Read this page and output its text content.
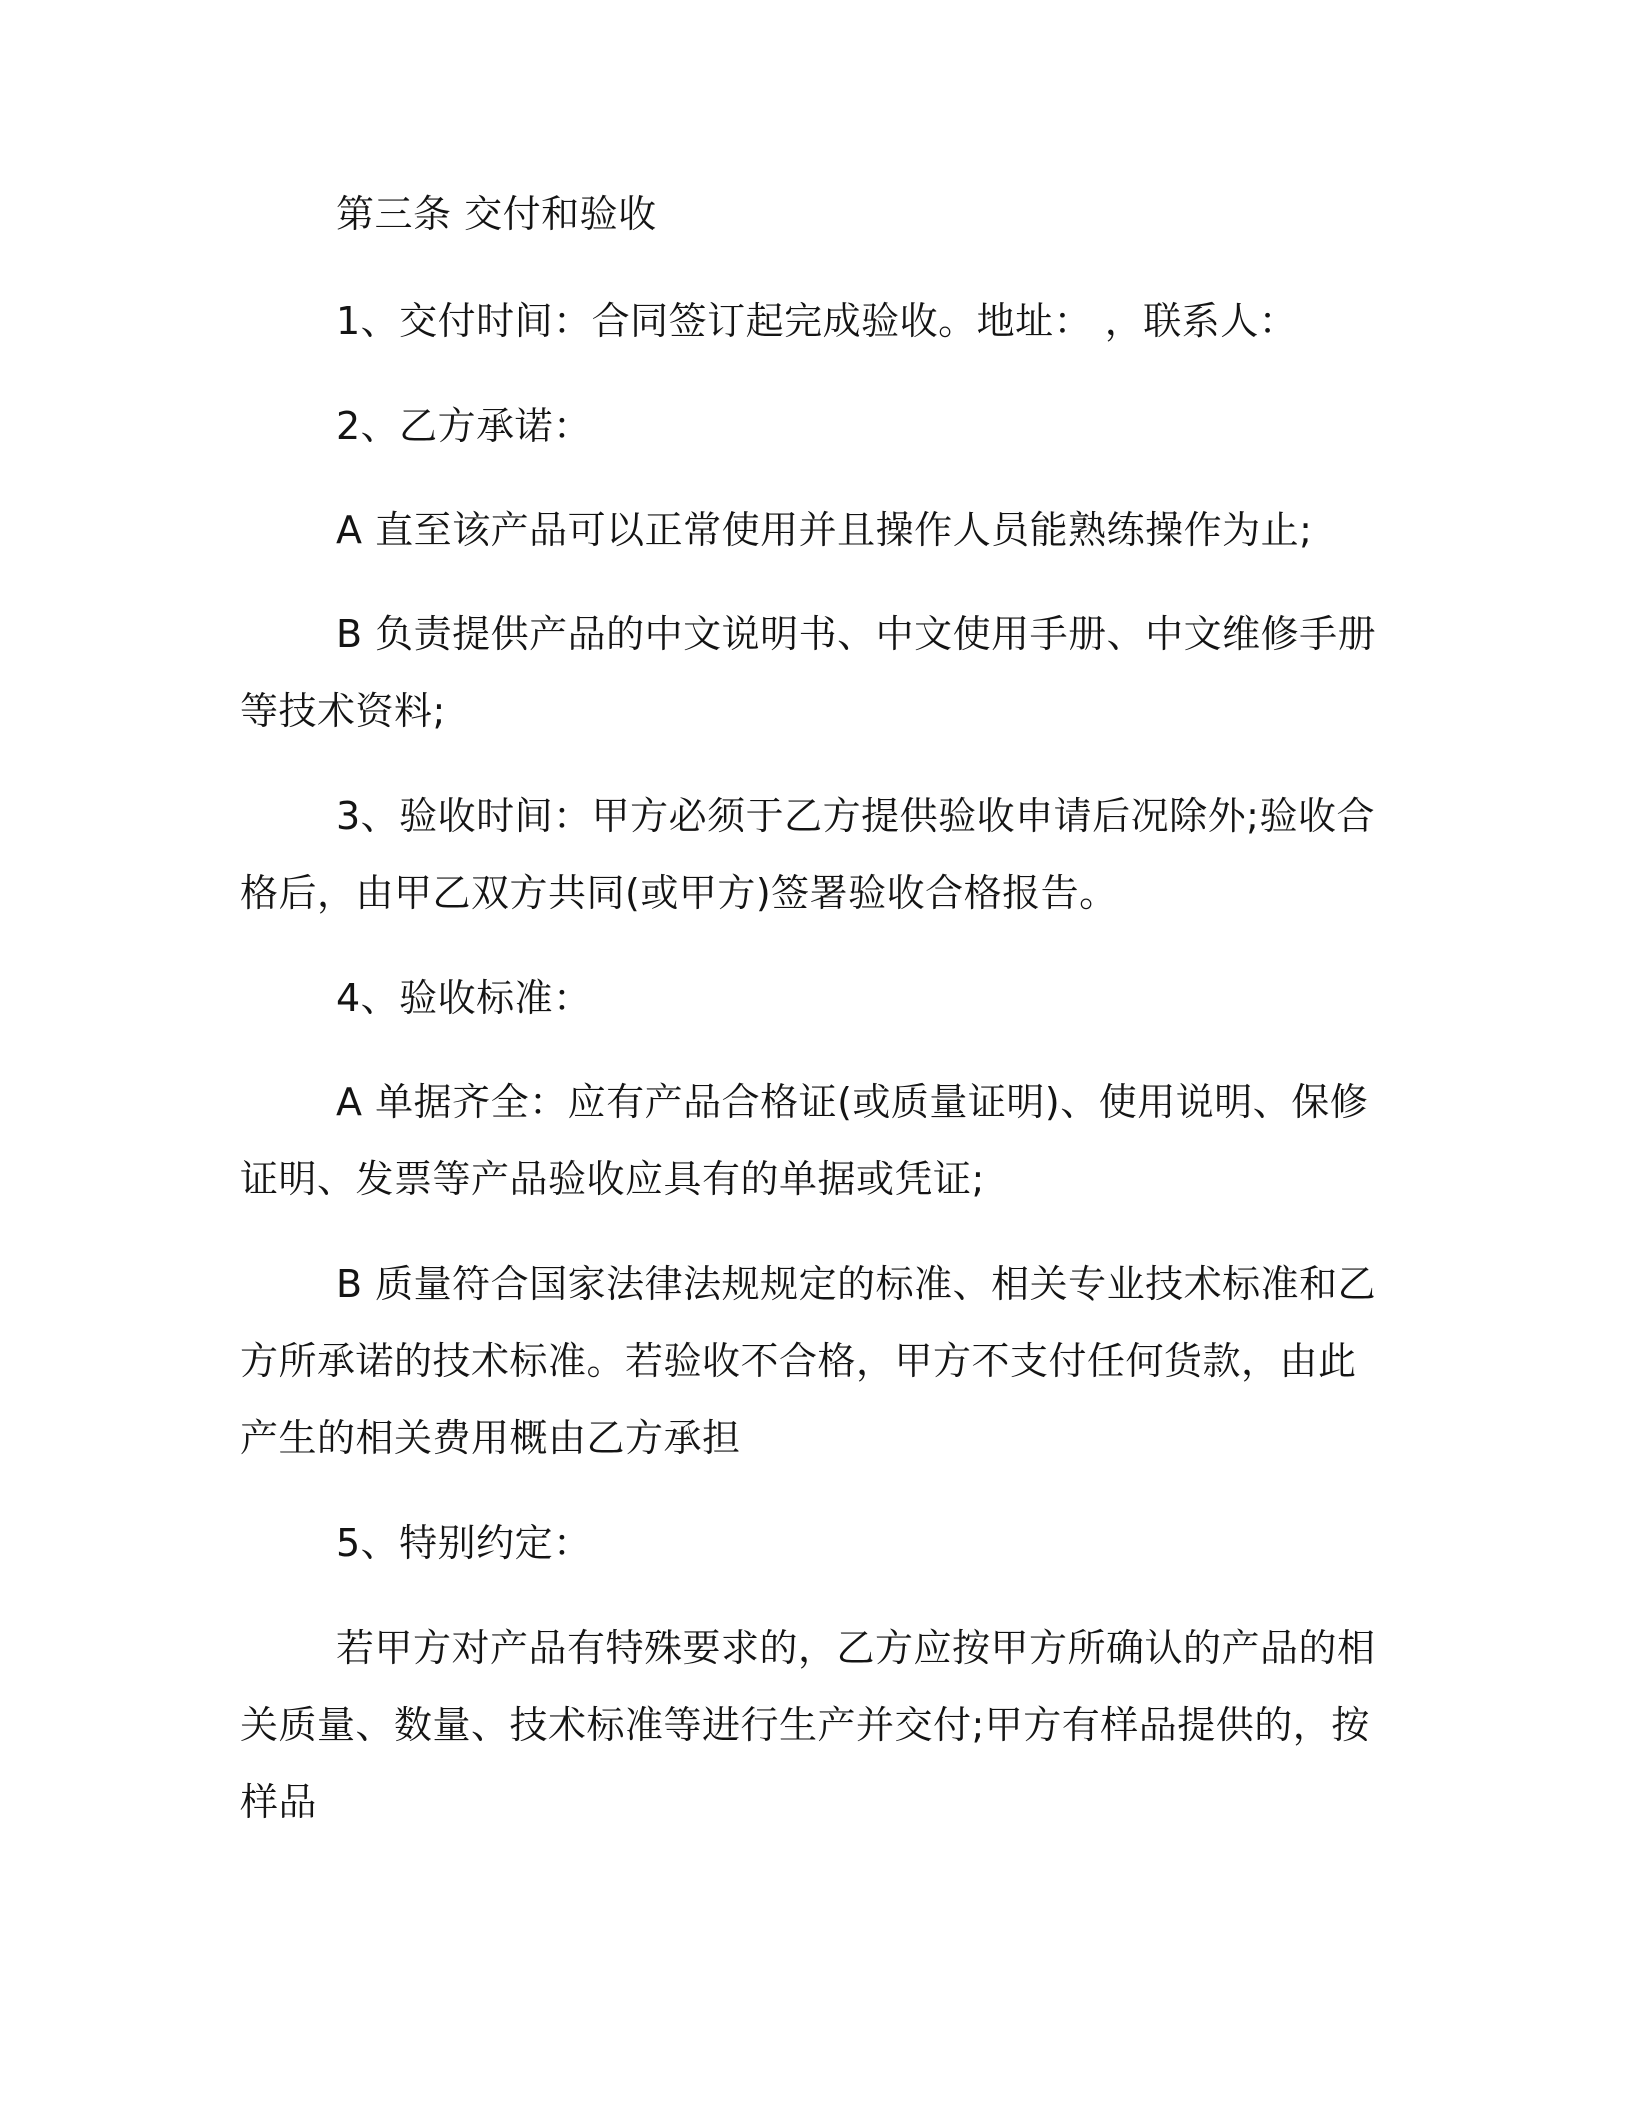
第三条 交付和验收

1、交付时间：合同签订起完成验收。地址： ，联系人：

2、乙方承诺：

A 直至该产品可以正常使用并且操作人员能熟练操作为止;

B 负责提供产品的中文说明书、中文使用手册、中文维修手册等技术资料;

3、验收时间：甲方必须于乙方提供验收申请后况除外;验收合格后，由甲乙双方共同(或甲方)签署验收合格报告。

4、验收标准：

A 单据齐全：应有产品合格证(或质量证明)、使用说明、保修证明、发票等产品验收应具有的单据或凭证;

B 质量符合国家法律法规规定的标准、相关专业技术标准和乙方所承诺的技术标准。若验收不合格，甲方不支付任何货款，由此产生的相关费用概由乙方承担

5、特别约定：

若甲方对产品有特殊要求的，乙方应按甲方所确认的产品的相关质量、数量、技术标准等进行生产并交付;甲方有样品提供的，按样品
